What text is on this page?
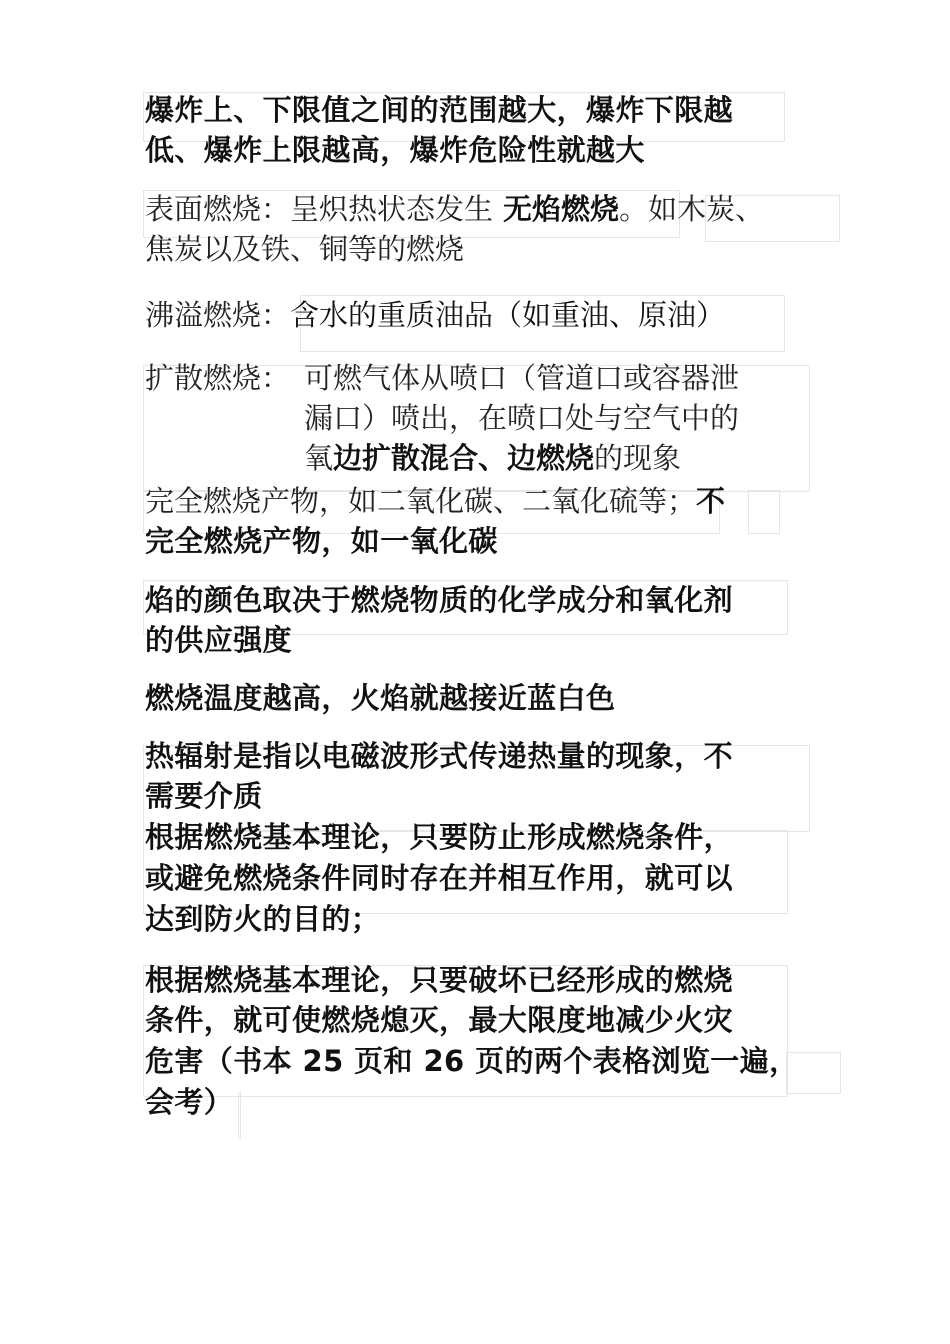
爆炸上、下限值之间的范围越大，爆炸下限越
低、爆炸上限越高，爆炸危险性就越大
表面燃烧：呈炽热状态发生 无焰燃烧。如木炭、
焦炭以及铁、铜等的燃烧
沸溢燃烧：含水的重质油品（如重油、原油）
扩散燃烧： 可燃气体从喷口（管道口或容器泄
漏口）喷出，在喷口处与空气中的
氧边扩散混合、边燃烧的现象
完全燃烧产物，如二氧化碳、二氧化硫等；不
完全燃烧产物，如一氧化碳
焰的颜色取决于燃烧物质的化学成分和氧化剂
的供应强度
燃烧温度越高，火焰就越接近蓝白色
热辐射是指以电磁波形式传递热量的现象，不
需要介质
根据燃烧基本理论，只要防止形成燃烧条件，
或避免燃烧条件同时存在并相互作用，就可以
达到防火的目的；
根据燃烧基本理论，只要破坏已经形成的燃烧
条件，就可使燃烧熄灭，最大限度地减少火灾
危害（书本 25 页和 26 页的两个表格浏览一遍，
会考）
